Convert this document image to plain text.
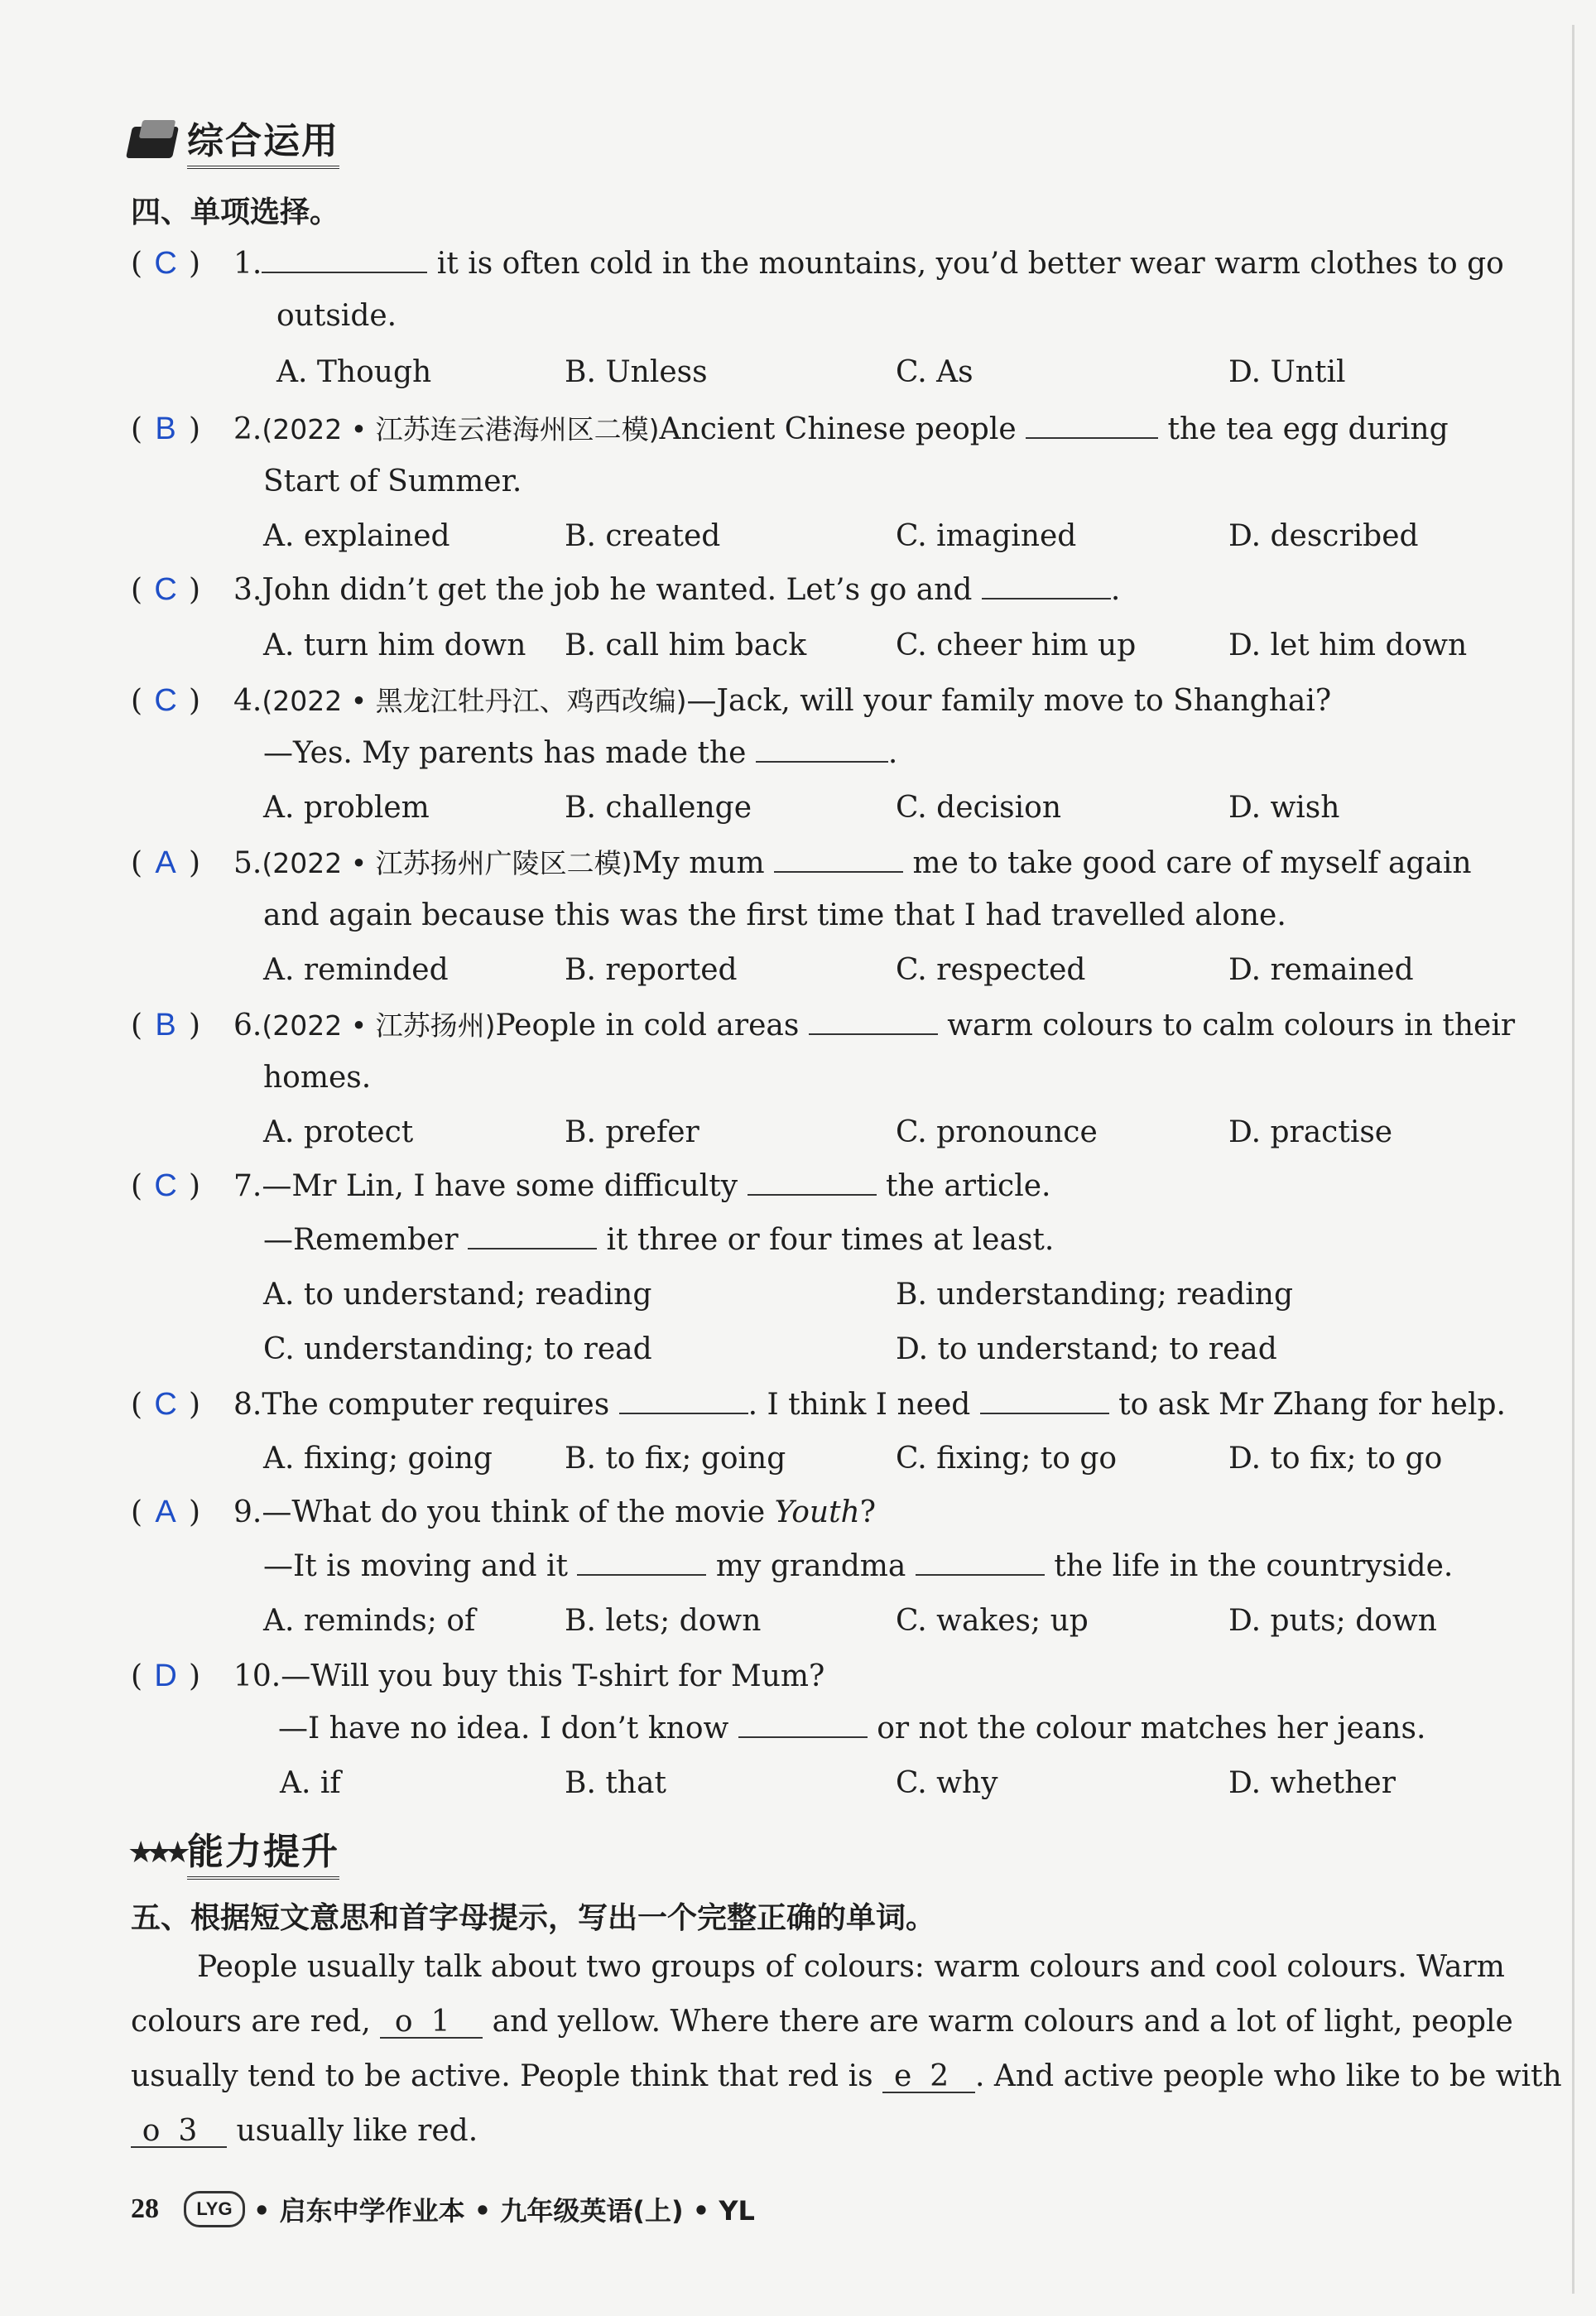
综合运用
四、单项选择。
( C ) 1.	it is often cold in the mountains, you’d better wear warm clothes to go
outside.
A. Though	B. Unless	C. As	D. Until
( B ) 2.(2022 • 江苏连云港海州区二模)Ancient Chinese people	the tea egg during
Start of Summer.
A. explained	B. created	C. imagined	D. described
( C ) 3.John didn’t get the job he wanted. Let’s go and	.
A. turn him down B. call him back	C. cheer him up	D. let him down
( C ) 4.(2022 • 黑龙江牡丹江、鸡西改编)—Jack, will your family move to Shanghai?
—Yes. My parents has made the	.
A. problem	B. challenge	C. decision	D. wish
( A ) 5.(2022 • 江苏扬州广陵区二模)My mum	me to take good care of myself again
and again because this was the first time that I had travelled alone.
A. reminded	B. reported	C. respected	D. remained
( B ) 6.(2022 • 江苏扬州)People in cold areas	warm colours to calm colours in their
homes.
A. protect	B. prefer	C. pronounce	D. practise
( C ) 7.—Mr Lin, I have some difficulty	the article.
—Remember	it three or four times at least.
A. to understand; reading	B. understanding; reading
C. understanding; to read	D. to understand; to read
( C ) 8.The computer requires	. I think I need	to ask Mr Zhang for help.
A. fixing; going B. to fix; going	C. fixing; to go	D. to fix; to go
( A ) 9.—What do you think of the movie Youth?
—It is moving and it	my grandma	the life in the countryside.
A. reminds; of	B. lets; down	C. wakes; up	D. puts; down
( D ) 10.—Will you buy this T-shirt for Mum?
—I have no idea. I don’t know	or not the colour matches her jeans.
A. if	B. that	C. why	D. whether
★★★ 能力提升
五、根据短文意思和首字母提示，写出一个完整正确的单词。
People usually talk about two groups of colours: warm colours and cool colours. Warm
colours are red, o 1 and yellow. Where there are warm colours and a lot of light, people
usually tend to be active. People think that red is e 2 . And active people who like to be with
o 3 usually like red.
28	LYG • 启东中学作业本 • 九年级英语(上) • YL
